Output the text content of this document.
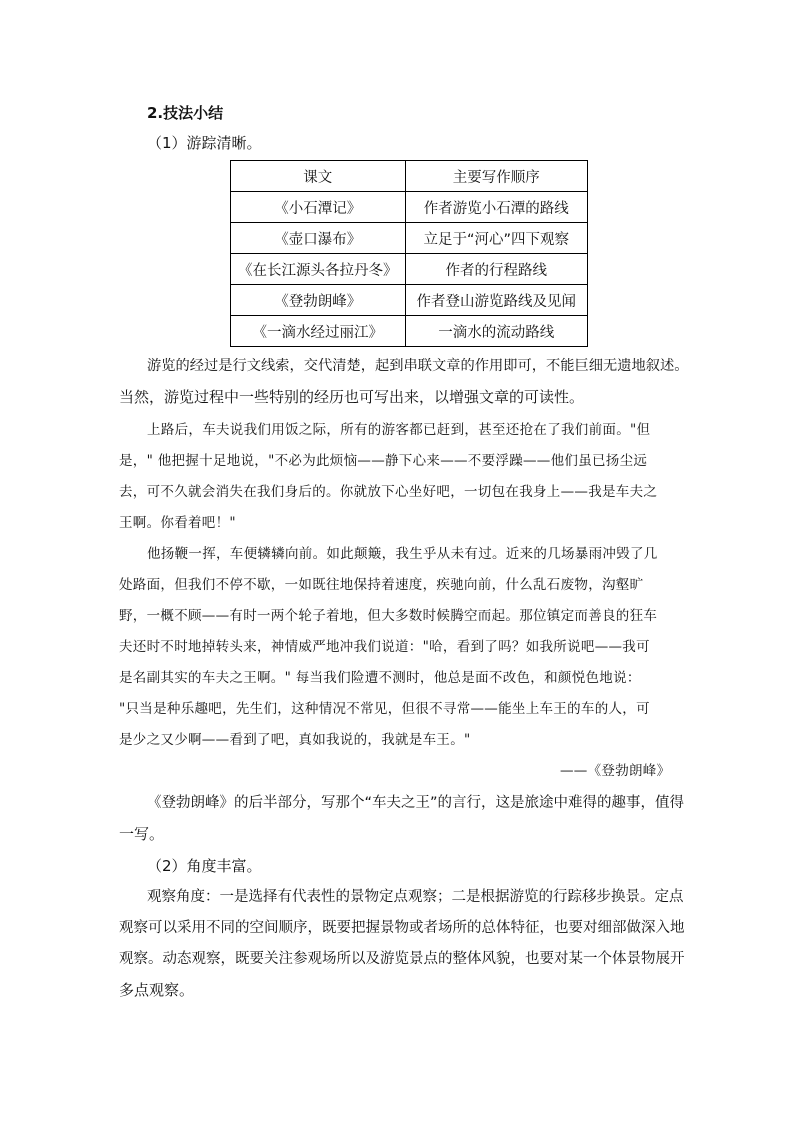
2.技法小结
（1）游踪清晰。
课文	主要写作顺序
《小石潭记》	作者游览小石潭的路线
《壶口瀑布》	立足于“河心”四下观察
《在长江源头各拉丹冬》	作者的行程路线
《登勃朗峰》	作者登山游览路线及见闻
《一滴水经过丽江》	一滴水的流动路线
游览的经过是行文线索，交代清楚，起到串联文章的作用即可，不能巨细无遗地叙述。
当然，游览过程中一些特别的经历也可写出来，以增强文章的可读性。
上路后，车夫说我们用饭之际，所有的游客都已赶到，甚至还抢在了我们前面。"但
是，" 他把握十足地说，"不必为此烦恼——静下心来——不要浮躁——他们虽已扬尘远
去，可不久就会消失在我们身后的。你就放下心坐好吧，一切包在我身上——我是车夫之
王啊。你看着吧！"
他扬鞭一挥，车便辚辚向前。如此颠簸，我生乎从未有过。近来的几场暴雨冲毁了几
处路面，但我们不停不歇，一如既往地保持着速度，疾驰向前，什么乱石废物，沟壑旷
野，一概不顾——有时一两个轮子着地，但大多数时候腾空而起。那位镇定而善良的狂车
夫还时不时地掉转头来，神情威严地冲我们说道："哈，看到了吗？如我所说吧——我可
是名副其实的车夫之王啊。" 每当我们险遭不测时，他总是面不改色，和颜悦色地说：
"只当是种乐趣吧，先生们，这种情况不常见，但很不寻常——能坐上车王的车的人，可
是少之又少啊——看到了吧，真如我说的，我就是车王。"
——《登勃朗峰》
《登勃朗峰》的后半部分，写那个“车夫之王”的言行，这是旅途中难得的趣事，值得
一写。
（2）角度丰富。
观察角度：一是选择有代表性的景物定点观察；二是根据游览的行踪移步换景。定点
观察可以采用不同的空间顺序，既要把握景物或者场所的总体特征，也要对细部做深入地
观察。动态观察，既要关注参观场所以及游览景点的整体风貌，也要对某一个体景物展开
多点观察。
